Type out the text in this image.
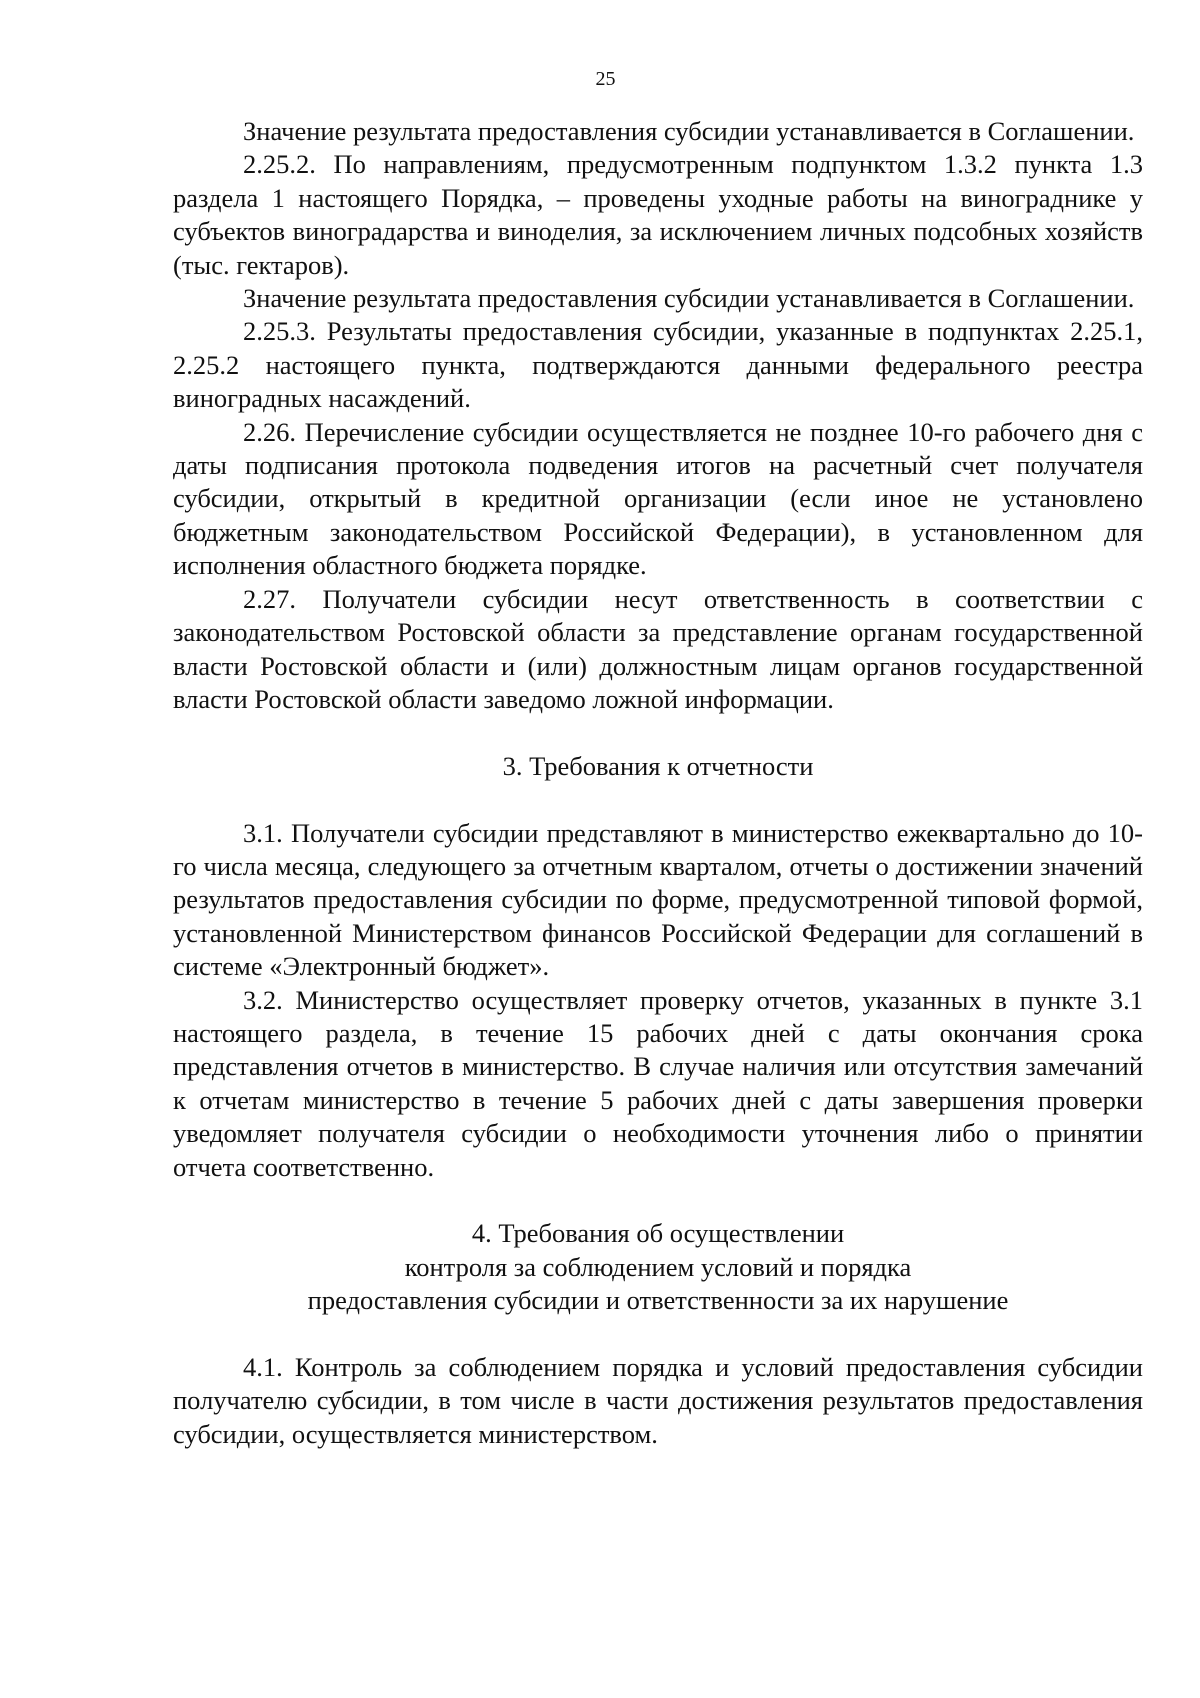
25

Значение результата предоставления субсидии устанавливается в Соглашении.

2.25.2. По направлениям, предусмотренным подпунктом 1.3.2 пункта 1.3 раздела 1 настоящего Порядка, – проведены уходные работы на винограднике у субъектов виноградарства и виноделия, за исключением личных подсобных хозяйств (тыс. гектаров).

Значение результата предоставления субсидии устанавливается в Соглашении.

2.25.3. Результаты предоставления субсидии, указанные в подпунктах 2.25.1, 2.25.2 настоящего пункта, подтверждаются данными федерального реестра виноградных насаждений.

2.26. Перечисление субсидии осуществляется не позднее 10-го рабочего дня с даты подписания протокола подведения итогов на расчетный счет получателя субсидии, открытый в кредитной организации (если иное не установлено бюджетным законодательством Российской Федерации), в установленном для исполнения областного бюджета порядке.

2.27. Получатели субсидии несут ответственность в соответствии с законодательством Ростовской области за представление органам государственной власти Ростовской области и (или) должностным лицам органов государственной власти Ростовской области заведомо ложной информации.

3. Требования к отчетности

3.1. Получатели субсидии представляют в министерство ежеквартально до 10-го числа месяца, следующего за отчетным кварталом, отчеты о достижении значений результатов предоставления субсидии по форме, предусмотренной типовой формой, установленной Министерством финансов Российской Федерации для соглашений в системе «Электронный бюджет».

3.2. Министерство осуществляет проверку отчетов, указанных в пункте 3.1 настоящего раздела, в течение 15 рабочих дней с даты окончания срока представления отчетов в министерство. В случае наличия или отсутствия замечаний к отчетам министерство в течение 5 рабочих дней с даты завершения проверки уведомляет получателя субсидии о необходимости уточнения либо о принятии отчета соответственно.

4. Требования об осуществлении

контроля за соблюдением условий и порядка

предоставления субсидии и ответственности за их нарушение

4.1. Контроль за соблюдением порядка и условий предоставления субсидии получателю субсидии, в том числе в части достижения результатов предоставления субсидии, осуществляется министерством.
